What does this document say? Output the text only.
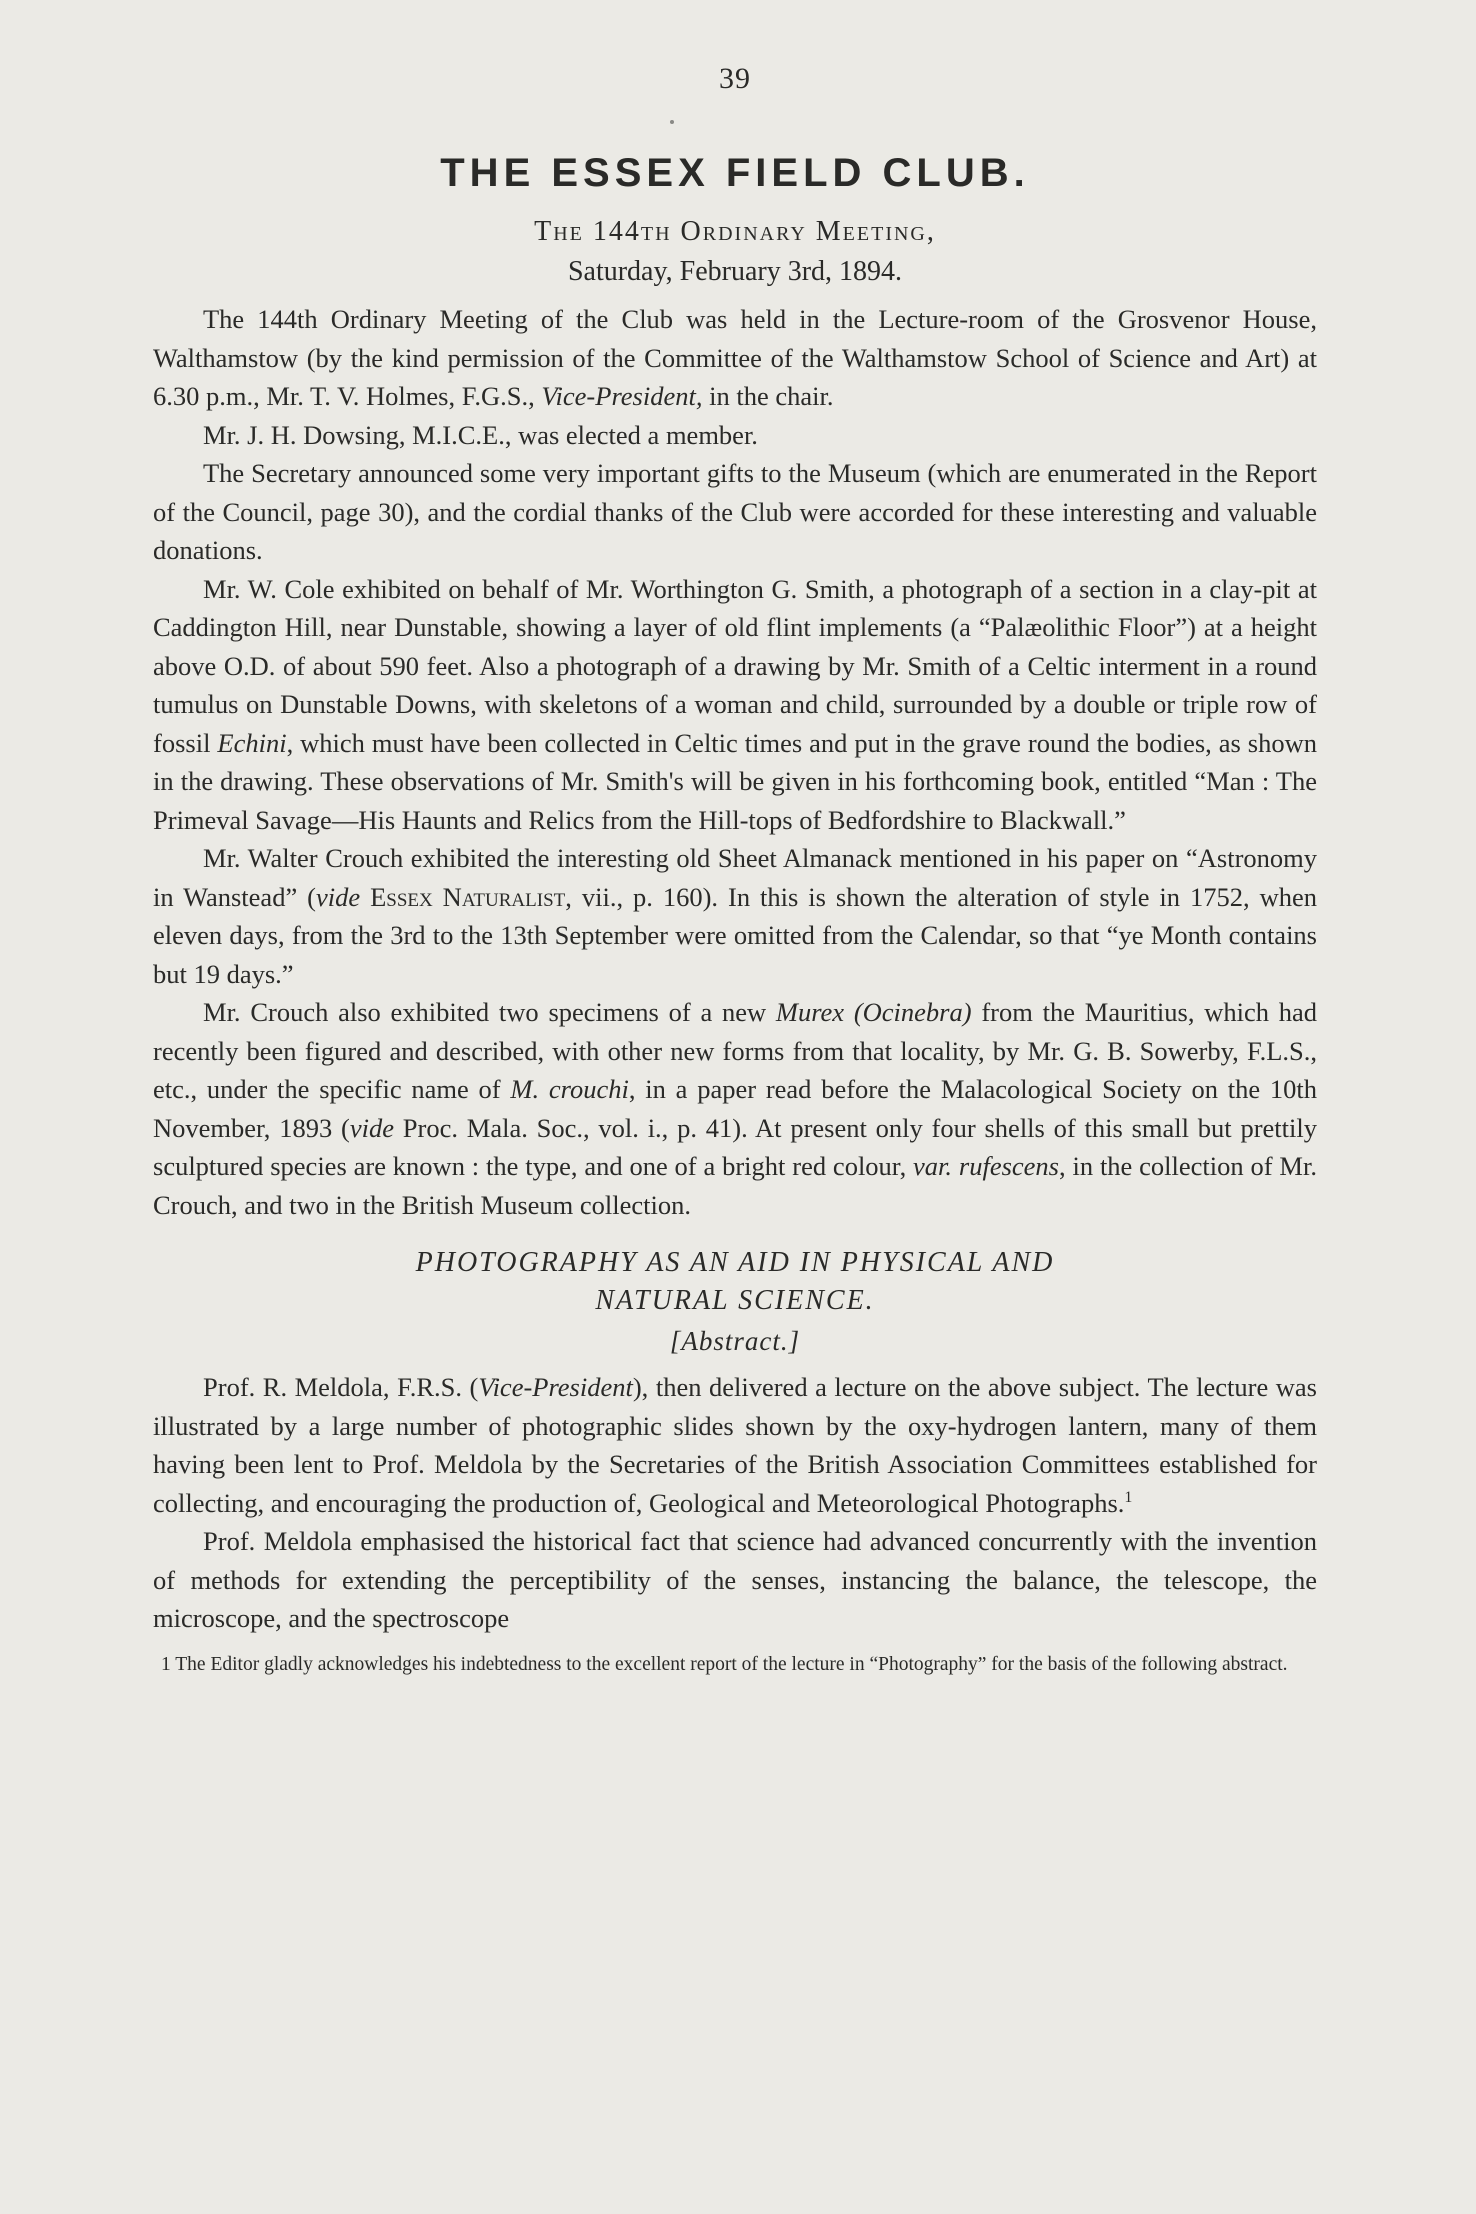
39
THE ESSEX FIELD CLUB.
The 144th Ordinary Meeting,
Saturday, February 3rd, 1894.

The 144th Ordinary Meeting of the Club was held in the Lecture-room of the Grosvenor House, Walthamstow (by the kind permission of the Committee of the Walthamstow School of Science and Art) at 6.30 p.m., Mr. T. V. Holmes, F.G.S., Vice-President, in the chair.

Mr. J. H. Dowsing, M.I.C.E., was elected a member.

The Secretary announced some very important gifts to the Museum (which are enumerated in the Report of the Council, page 30), and the cordial thanks of the Club were accorded for these interesting and valuable donations.

Mr. W. Cole exhibited on behalf of Mr. Worthington G. Smith, a photograph of a section in a clay-pit at Caddington Hill, near Dunstable, showing a layer of old flint implements (a “Palæolithic Floor”) at a height above O.D. of about 590 feet. Also a photograph of a drawing by Mr. Smith of a Celtic interment in a round tumulus on Dunstable Downs, with skeletons of a woman and child, surrounded by a double or triple row of fossil Echini, which must have been collected in Celtic times and put in the grave round the bodies, as shown in the drawing. These observations of Mr. Smith's will be given in his forthcoming book, entitled “Man : The Primeval Savage—His Haunts and Relics from the Hill-tops of Bedfordshire to Blackwall.”

Mr. Walter Crouch exhibited the interesting old Sheet Almanack mentioned in his paper on “Astronomy in Wanstead” (vide Essex Naturalist, vii., p. 160). In this is shown the alteration of style in 1752, when eleven days, from the 3rd to the 13th September were omitted from the Calendar, so that “ye Month contains but 19 days.”

Mr. Crouch also exhibited two specimens of a new Murex (Ocinebra) from the Mauritius, which had recently been figured and described, with other new forms from that locality, by Mr. G. B. Sowerby, F.L.S., etc., under the specific name of M. crouchi, in a paper read before the Malacological Society on the 10th November, 1893 (vide Proc. Mala. Soc., vol. i., p. 41). At present only four shells of this small but prettily sculptured species are known : the type, and one of a bright red colour, var. rufescens, in the collection of Mr. Crouch, and two in the British Museum collection.

PHOTOGRAPHY AS AN AID IN PHYSICAL AND
NATURAL SCIENCE.
[Abstract.]

Prof. R. Meldola, F.R.S. (Vice-President), then delivered a lecture on the above subject. The lecture was illustrated by a large number of photographic slides shown by the oxy-hydrogen lantern, many of them having been lent to Prof. Meldola by the Secretaries of the British Association Committees established for collecting, and encouraging the production of, Geological and Meteorological Photographs.$^1$

Prof. Meldola emphasised the historical fact that science had advanced concurrently with the invention of methods for extending the perceptibility of the senses, instancing the balance, the telescope, the microscope, and the spectroscope

1 The Editor gladly acknowledges his indebtedness to the excellent report of the lecture in “Photography” for the basis of the following abstract.
